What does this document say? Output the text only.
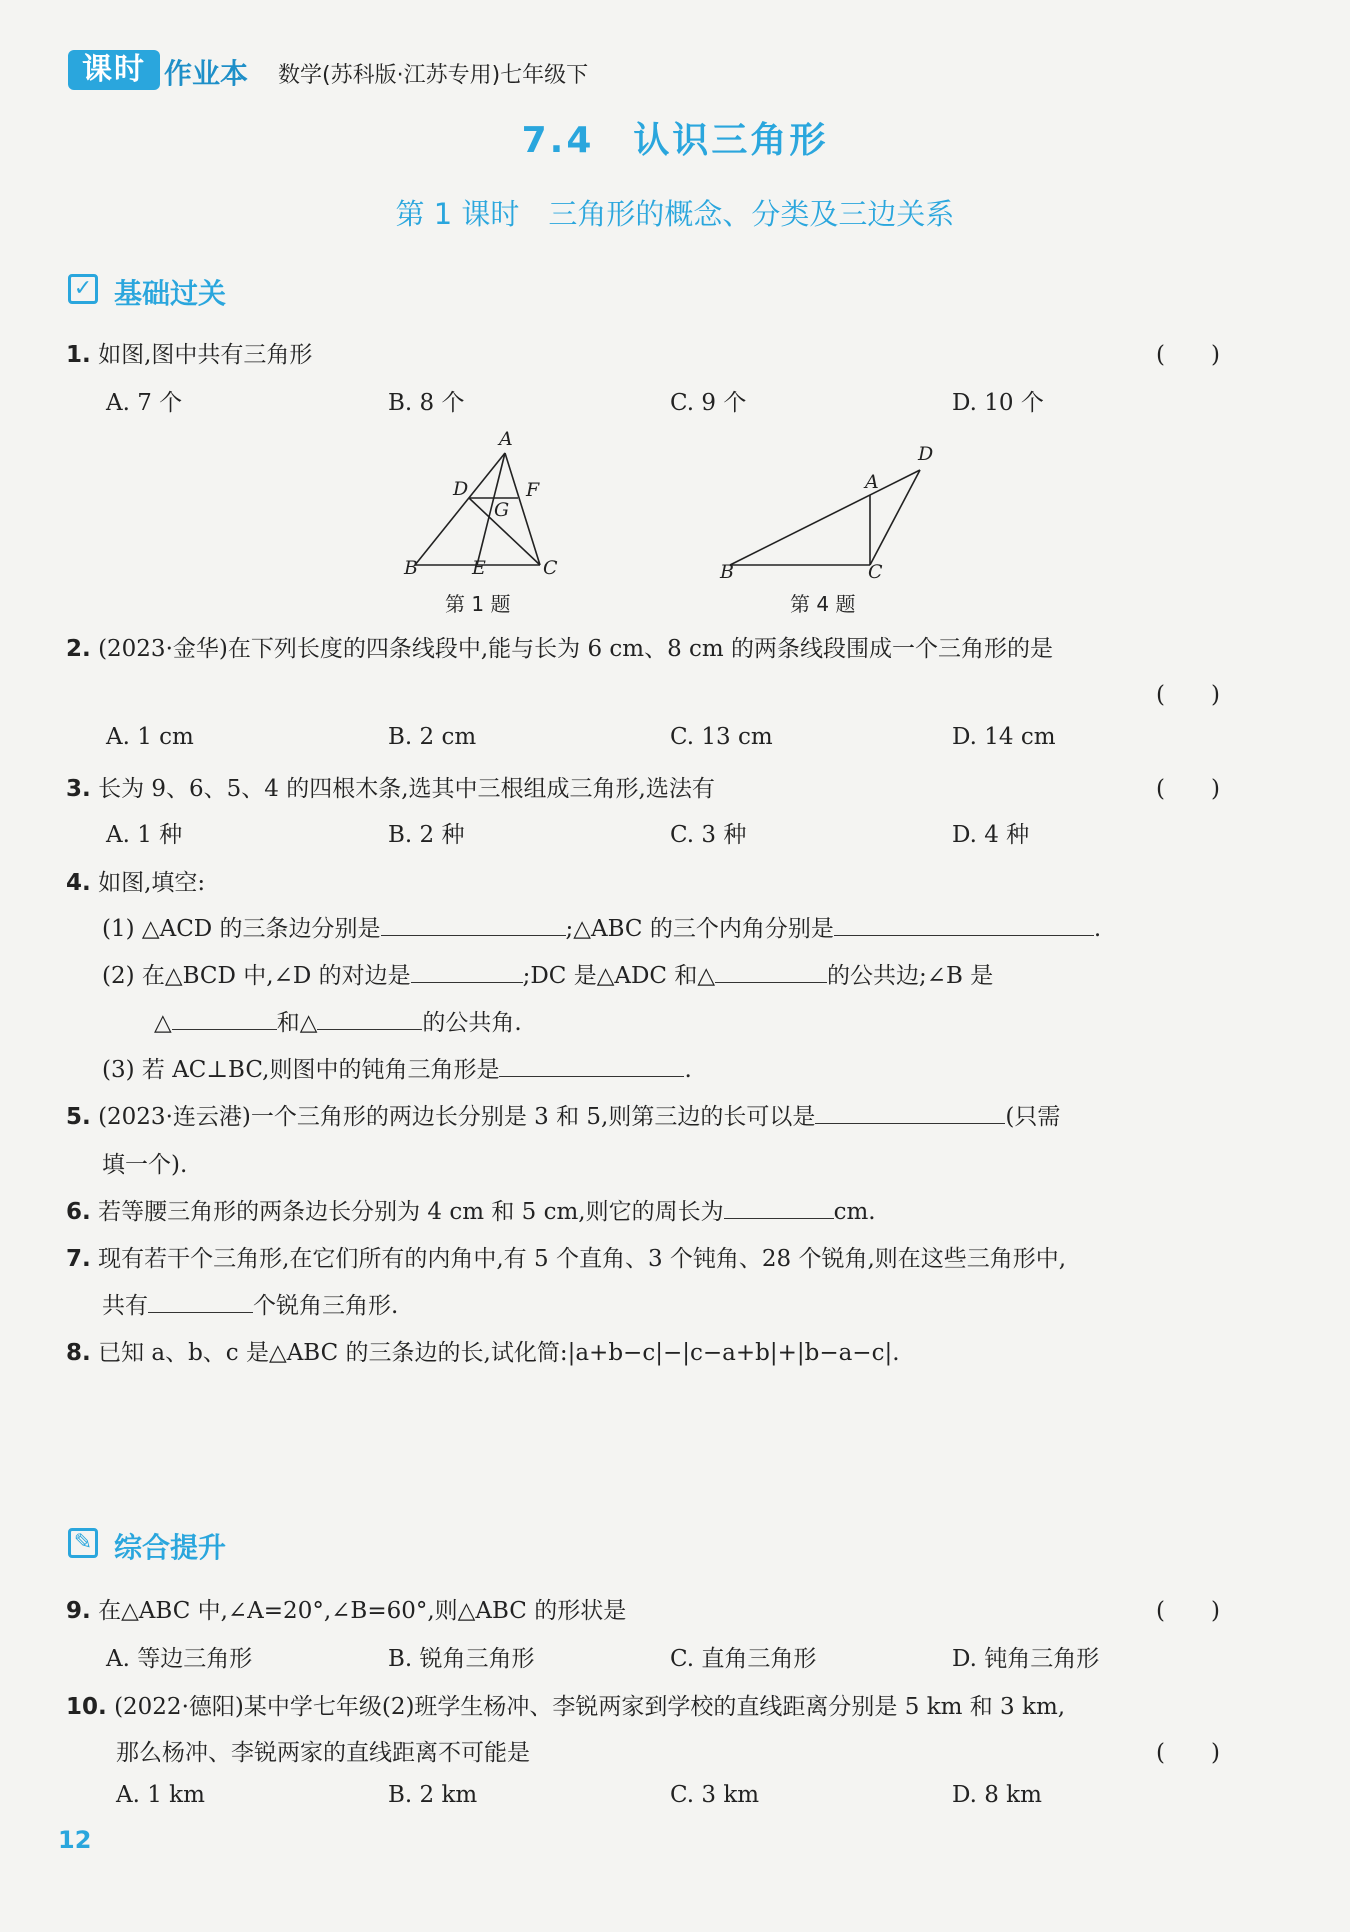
课时 作业本 数学(苏科版·江苏专用)七年级下
7.4　认识三角形
第 1 课时　三角形的概念、分类及三边关系
✓ 基础过关
1. 如图,图中共有三角形	(　　)
A. 7 个	B. 8 个	C. 9 个	D. 10 个
A
D	F
G
B	E	C
第 1 题
D
A
B	C
第 4 题
2. (2023·金华)在下列长度的四条线段中,能与长为 6 cm、8 cm 的两条线段围成一个三角形的是
(　　)
A. 1 cm	B. 2 cm	C. 13 cm	D. 14 cm
3. 长为 9、6、5、4 的四根木条,选其中三根组成三角形,选法有	(　　)
A. 1 种	B. 2 种	C. 3 种	D. 4 种
4. 如图,填空:
(1) △ACD 的三条边分别是	;△ABC 的三个内角分别是	.
(2) 在△BCD 中,∠D 的对边是	;DC 是△ADC 和△	的公共边;∠B 是
△	和△	的公共角.
(3) 若 AC⊥BC,则图中的钝角三角形是	.
5. (2023·连云港)一个三角形的两边长分别是 3 和 5,则第三边的长可以是	(只需
填一个).
6. 若等腰三角形的两条边长分别为 4 cm 和 5 cm,则它的周长为	cm.
7. 现有若干个三角形,在它们所有的内角中,有 5 个直角、3 个钝角、28 个锐角,则在这些三角形中,
共有	个锐角三角形.
8. 已知 a、b、c 是△ABC 的三条边的长,试化简:|a+b−c|−|c−a+b|+|b−a−c|.
✎ 综合提升
9. 在△ABC 中,∠A=20°,∠B=60°,则△ABC 的形状是	(　　)
A. 等边三角形	B. 锐角三角形	C. 直角三角形	D. 钝角三角形
10. (2022·德阳)某中学七年级(2)班学生杨冲、李锐两家到学校的直线距离分别是 5 km 和 3 km,
那么杨冲、李锐两家的直线距离不可能是	(　　)
A. 1 km	B. 2 km	C. 3 km	D. 8 km
12
